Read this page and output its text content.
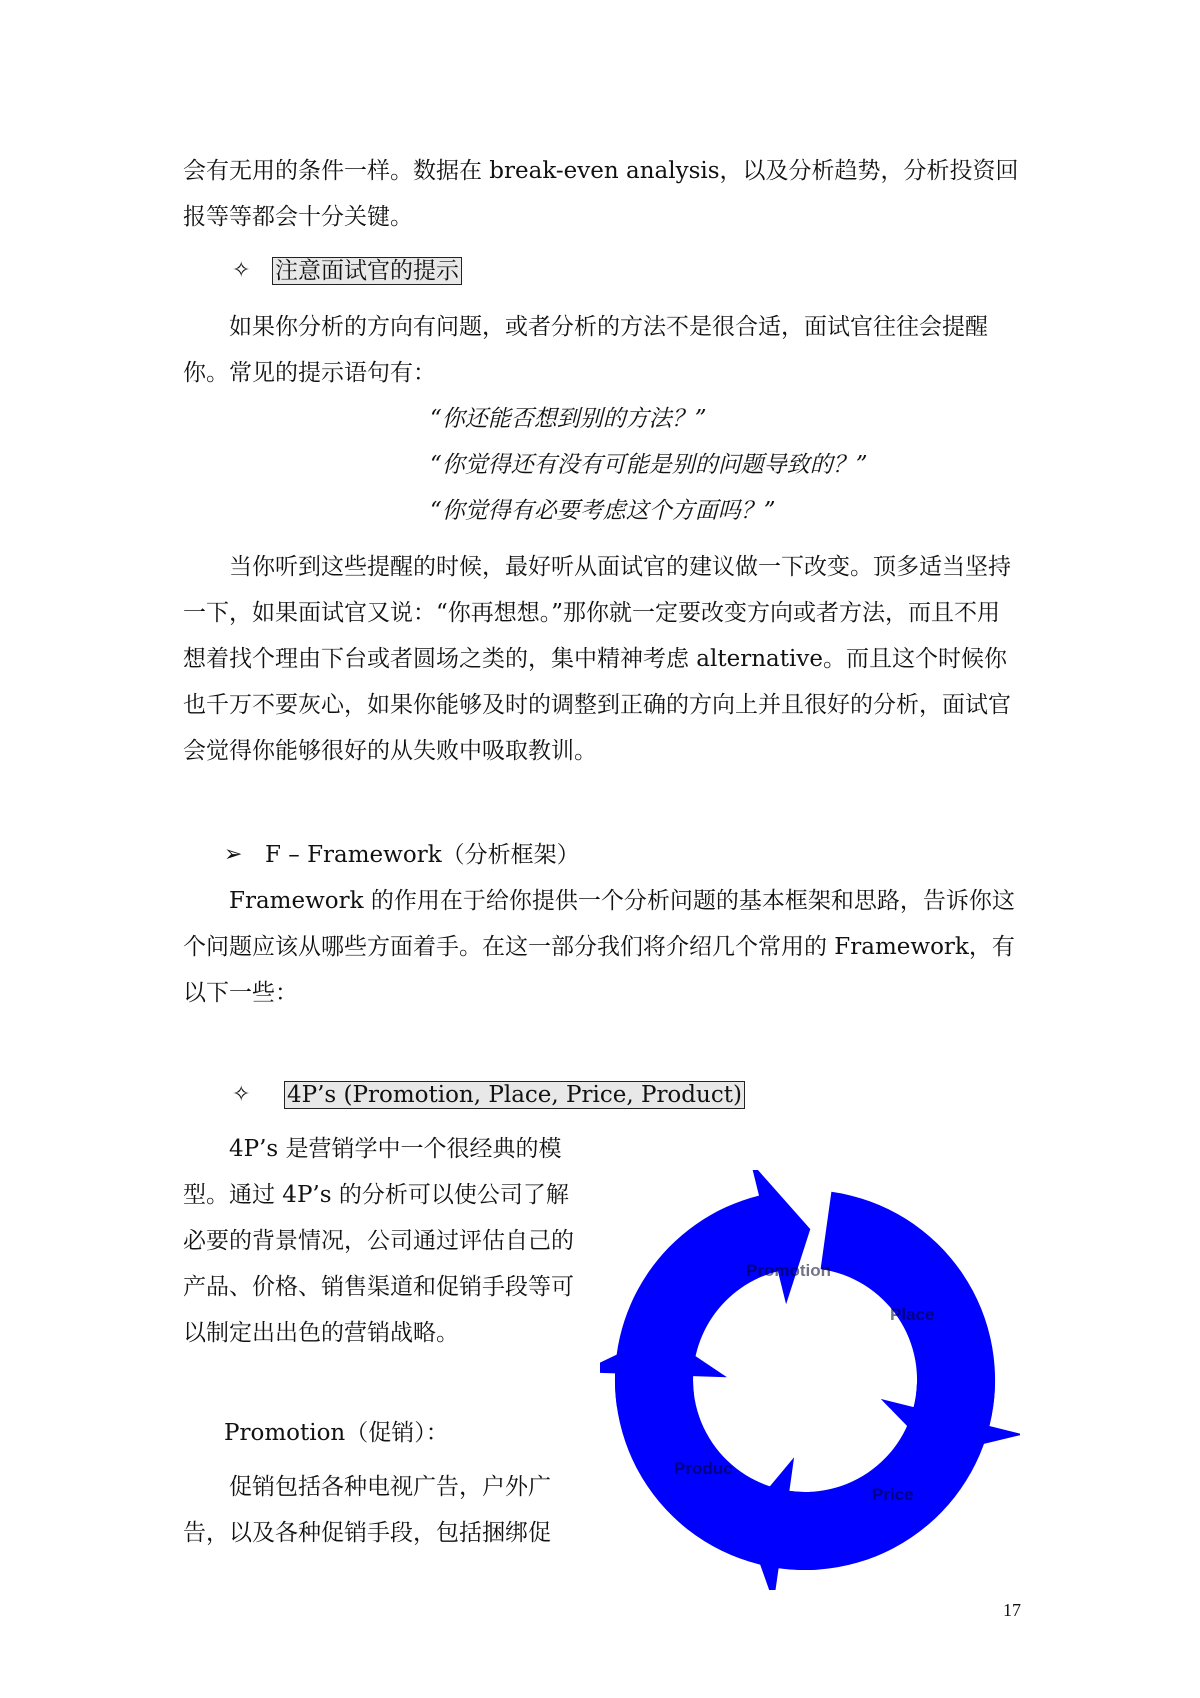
会有无用的条件一样。数据在 break-even analysis，以及分析趋势，分析投资回报等等都会十分关键。

✧ 注意面试官的提示

如果你分析的方向有问题，或者分析的方法不是很合适，面试官往往会提醒你。常见的提示语句有：

“你还能否想到别的方法？”

“你觉得还有没有可能是别的问题导致的？”

“你觉得有必要考虑这个方面吗？”

当你听到这些提醒的时候，最好听从面试官的建议做一下改变。顶多适当坚持一下，如果面试官又说：“你再想想。”那你就一定要改变方向或者方法，而且不用想着找个理由下台或者圆场之类的，集中精神考虑 alternative。而且这个时候你也千万不要灰心，如果你能够及时的调整到正确的方向上并且很好的分析，面试官会觉得你能够很好的从失败中吸取教训。

➢ F – Framework（分析框架）

Framework 的作用在于给你提供一个分析问题的基本框架和思路，告诉你这个问题应该从哪些方面着手。在这一部分我们将介绍几个常用的 Framework，有以下一些：

✧ 4P’s (Promotion, Place, Price, Product)

4P’s 是营销学中一个很经典的模型。通过 4P’s 的分析可以使公司了解必要的背景情况，公司通过评估自己的产品、价格、销售渠道和促销手段等可以制定出出色的营销战略。

Promotion（促销）：

促销包括各种电视广告，户外广告，以及各种促销手段，包括捆绑促

Promotion
Place
Price
Produc
17
